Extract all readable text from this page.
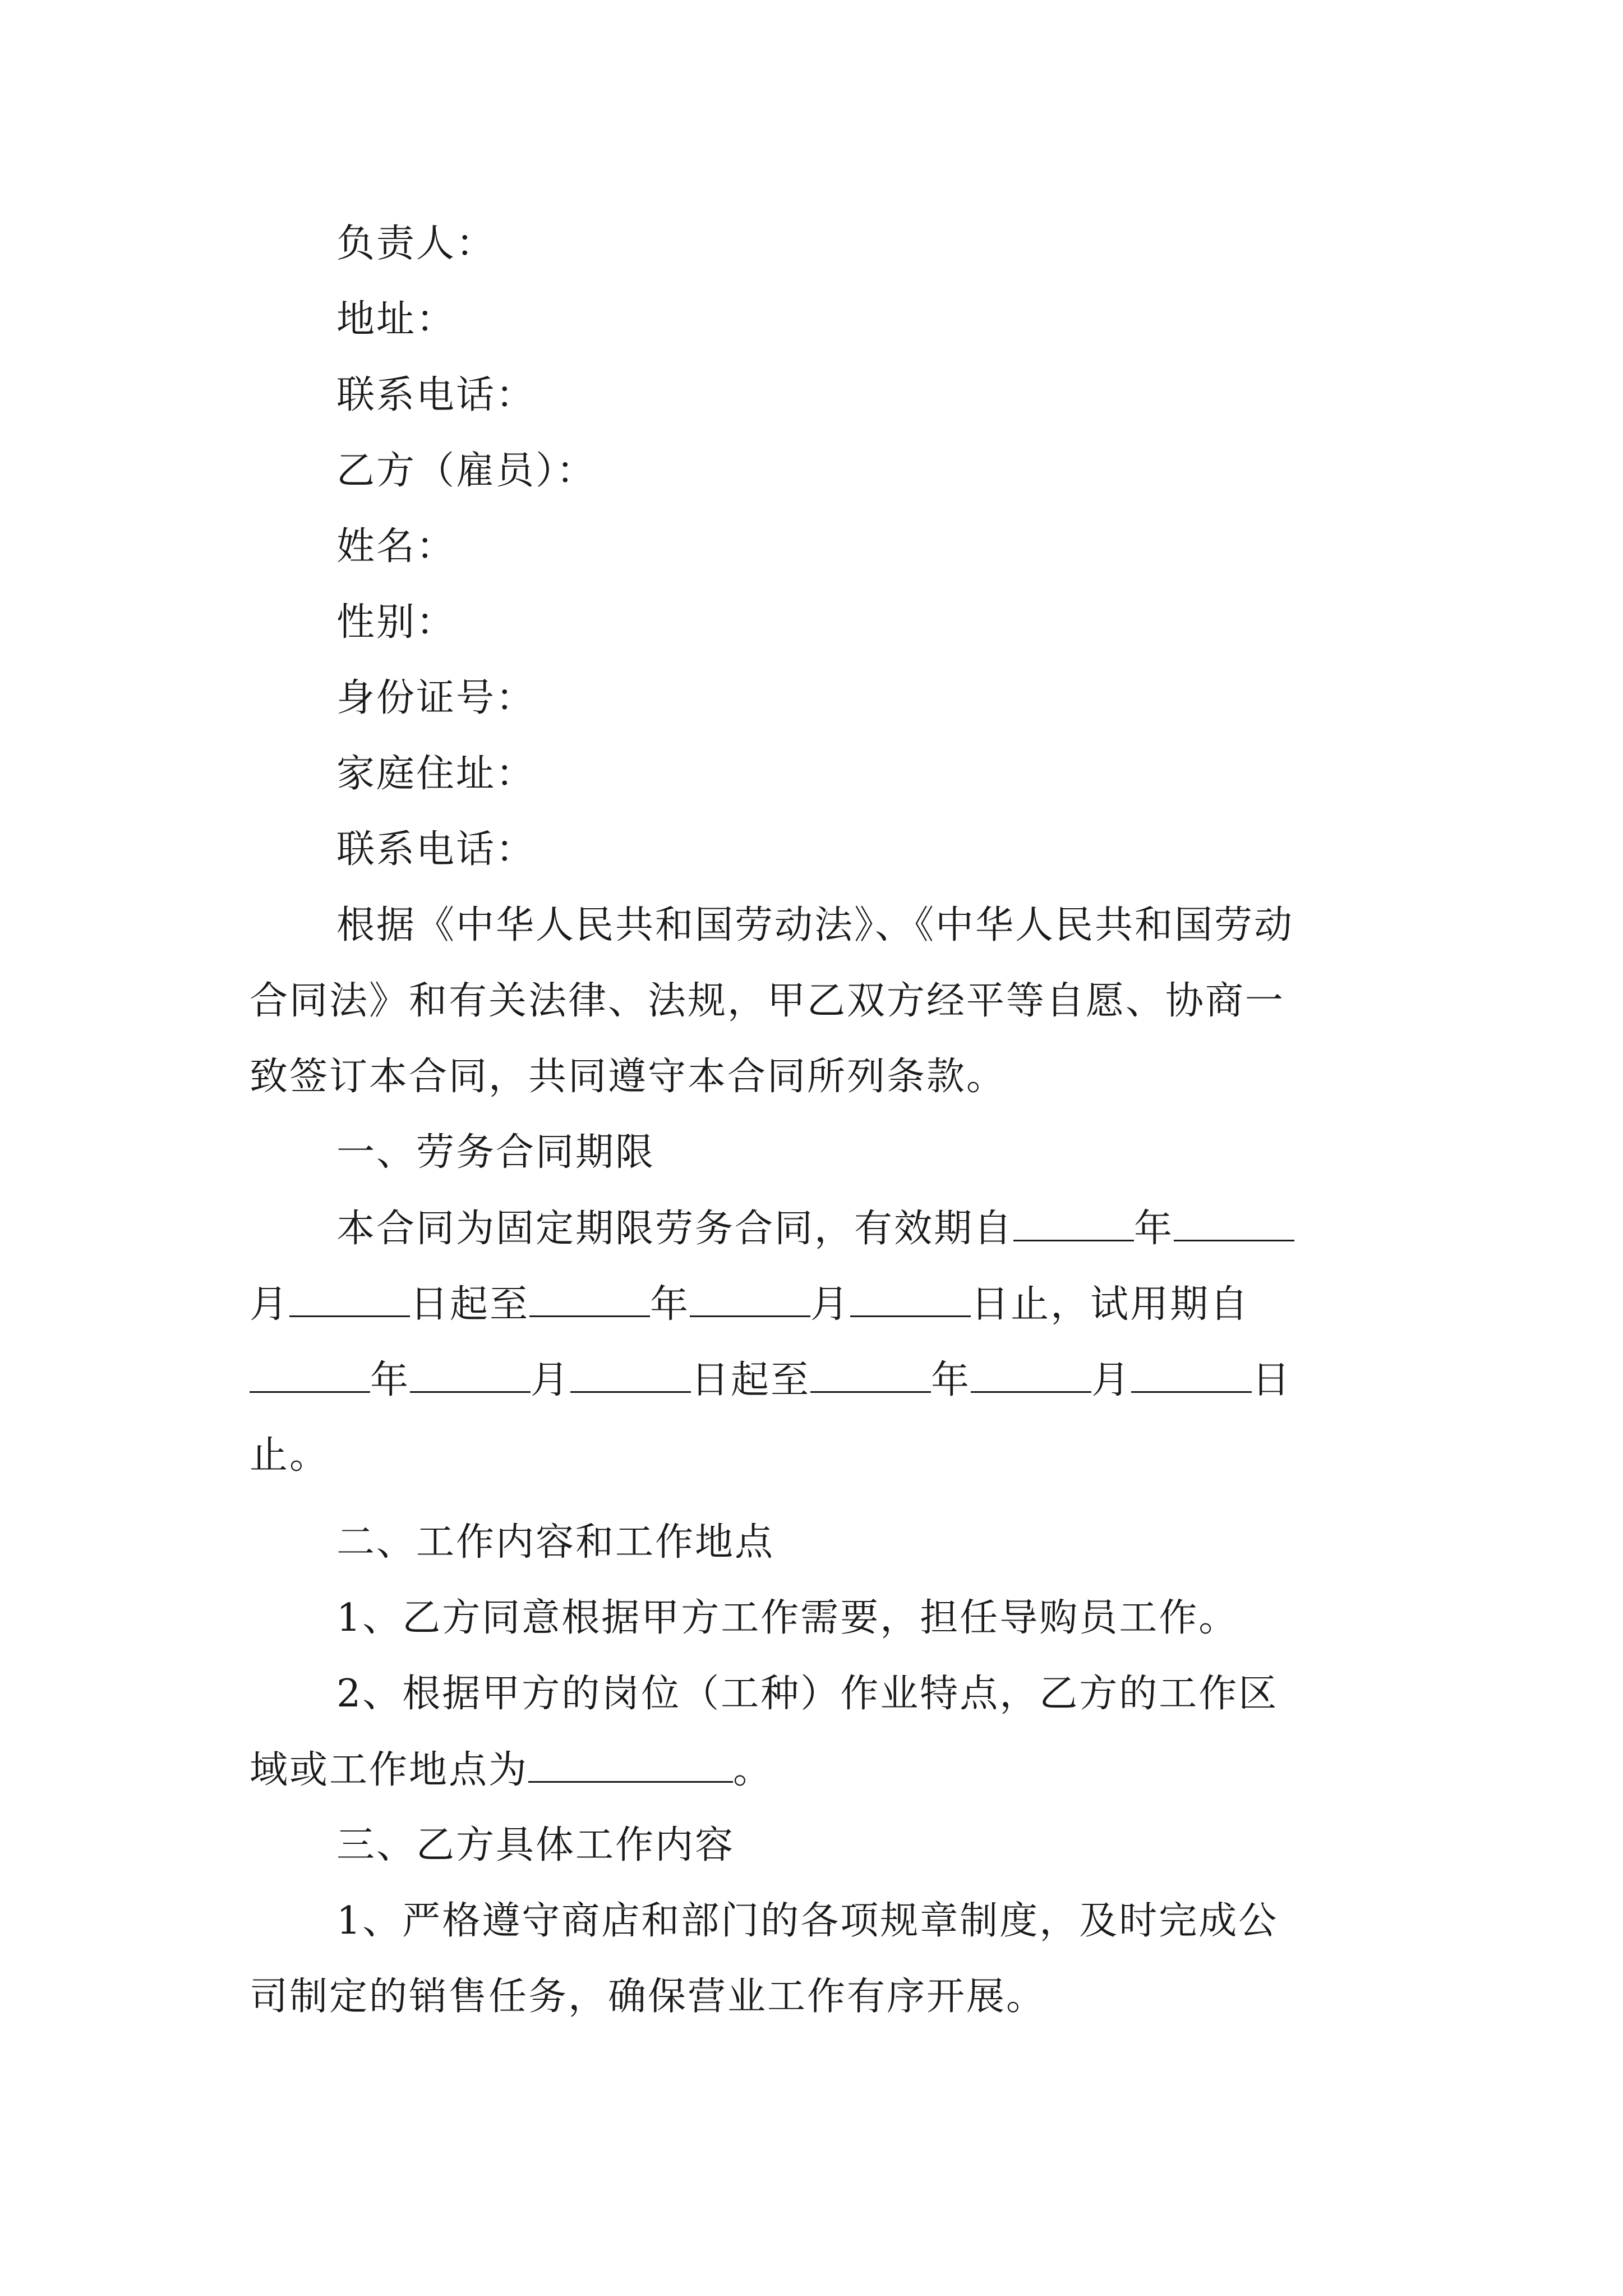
负责人：
地址：
联系电话：
乙方（雇员）：
姓名：
性别：
身份证号：
家庭住址：
联系电话：
根据《中华人民共和国劳动法》、《中华人民共和国劳动
合同法》和有关法律、法规，甲乙双方经平等自愿、协商一
致签订本合同，共同遵守本合同所列条款。
一、劳务合同期限
本合同为固定期限劳务合同，有效期自	年
月	日起至	年	月	日止，试用期自
年	月	日起至	年	月	日
止。
二、工作内容和工作地点
1、乙方同意根据甲方工作需要，担任导购员工作。
2、根据甲方的岗位（工种）作业特点，乙方的工作区
域或工作地点为	。
三、乙方具体工作内容
1、严格遵守商店和部门的各项规章制度，及时完成公
司制定的销售任务，确保营业工作有序开展。
